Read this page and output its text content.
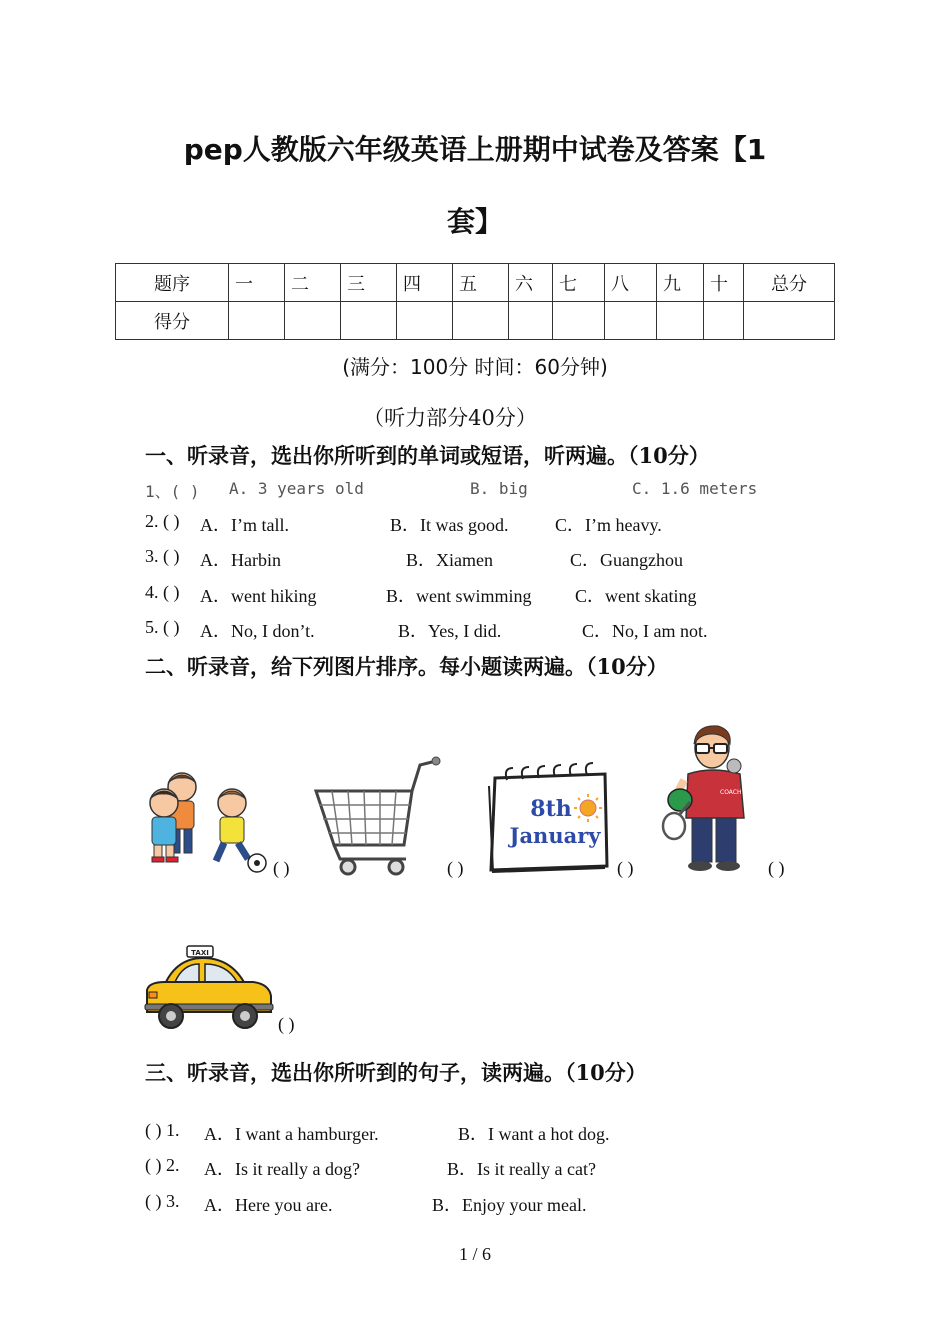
pep人教版六年级英语上册期中试卷及答案【1
套】
题序	一	二	三	四	五	六	七	八	九	十	总分
得分											
(满分：100分 时间：60分钟)
（听力部分40分）
一、听录音，选出你所听到的单词或短语，听两遍。（10分）
1、( ) A. 3 years old	B. big	C. 1.6 meters
2. ( ) A．I’m tall.	B．It was good.	C．I’m heavy.
3. ( ) A．Harbin	B．Xiamen	C．Guangzhou
4. ( ) A．went hiking	B．went swimming C．went skating
5. ( ) A．No, I don’t.	B．Yes, I did.	C．No, I am not.
二、听录音，给下列图片排序。每小题读两遍。（10分）
( )	( )
8th
January
( )
COACH
( )
TAXI
( )
三、听录音，选出你所听到的句子，读两遍。（10分）
( ) 1. A．I want a hamburger.	B．I want a hot dog.
( ) 2. A．Is it really a dog?	B．Is it really a cat?
( ) 3. A．Here you are.	B．Enjoy your meal.
1 / 6
